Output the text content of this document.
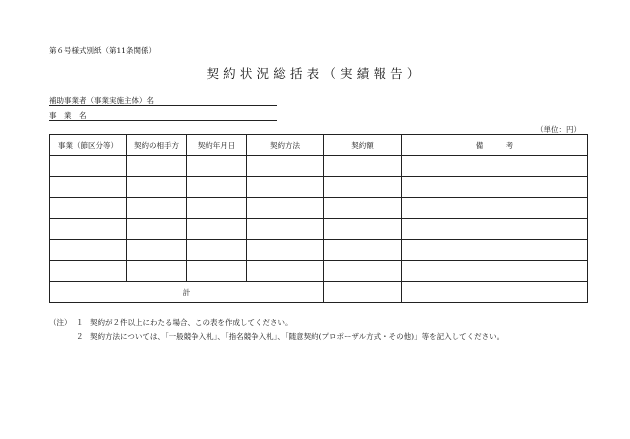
第６号様式別紙（第11条関係）
契約状況総括表（実績報告）
補助事業者（事業実施主体）名
事　業　名
（単位：円）
事業（節区分等）	契約の相手方	契約年月日	契約方法	契約額	備　　　考

計					
（注） １ 契約が２件以上にわたる場合、この表を作成してください。
２ 契約方法については、「一般競争入札」、「指名競争入札」、「随意契約(プロポーザル方式・その他)」等を記入してください。
